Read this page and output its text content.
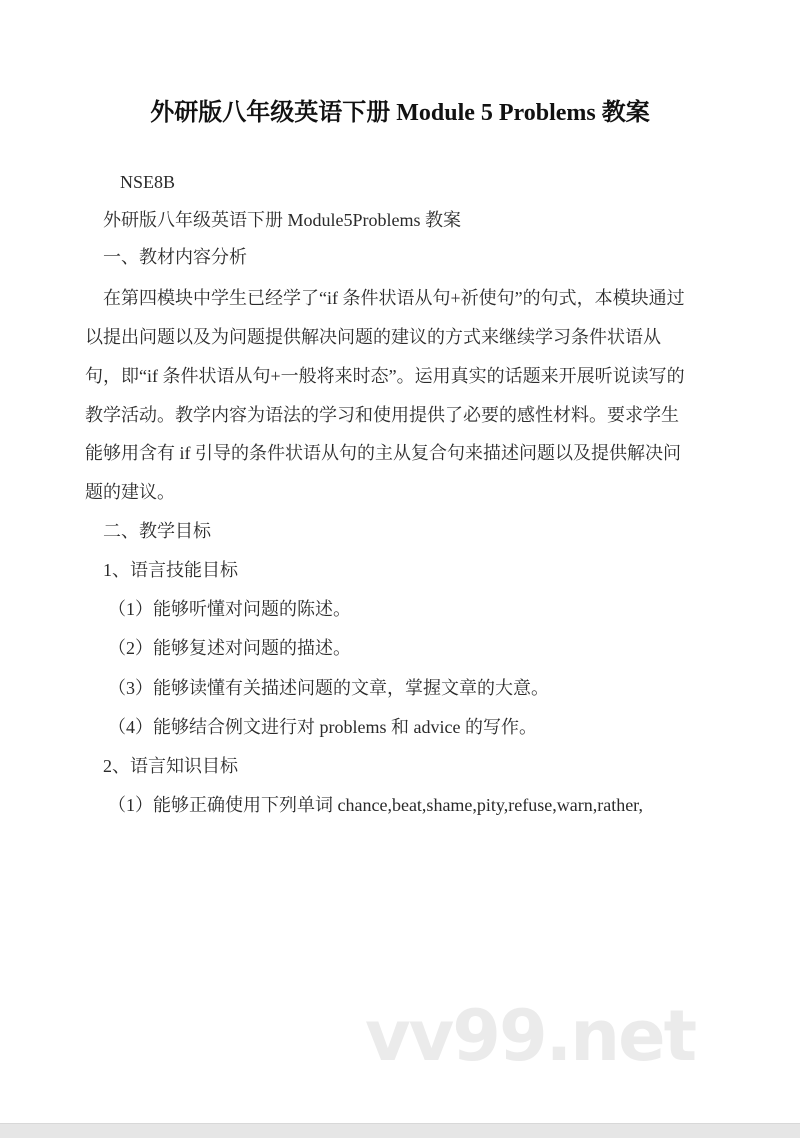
外研版八年级英语下册 Module 5 Problems 教案
NSE8B
外研版八年级英语下册 Module5Problems 教案
一、教材内容分析
在第四模块中学生已经学了“if 条件状语从句+祈使句”的句式，本模块通过
以提出问题以及为问题提供解决问题的建议的方式来继续学习条件状语从
句，即“if 条件状语从句+一般将来时态”。运用真实的话题来开展听说读写的
教学活动。教学内容为语法的学习和使用提供了必要的感性材料。要求学生
能够用含有 if 引导的条件状语从句的主从复合句来描述问题以及提供解决问
题的建议。
二、教学目标
1、语言技能目标
（1）能够听懂对问题的陈述。
（2）能够复述对问题的描述。
（3）能够读懂有关描述问题的文章，掌握文章的大意。
（4）能够结合例文进行对 problems 和 advice 的写作。
2、语言知识目标
（1）能够正确使用下列单词 chance,beat,shame,pity,refuse,warn,rather,
vv99.net
